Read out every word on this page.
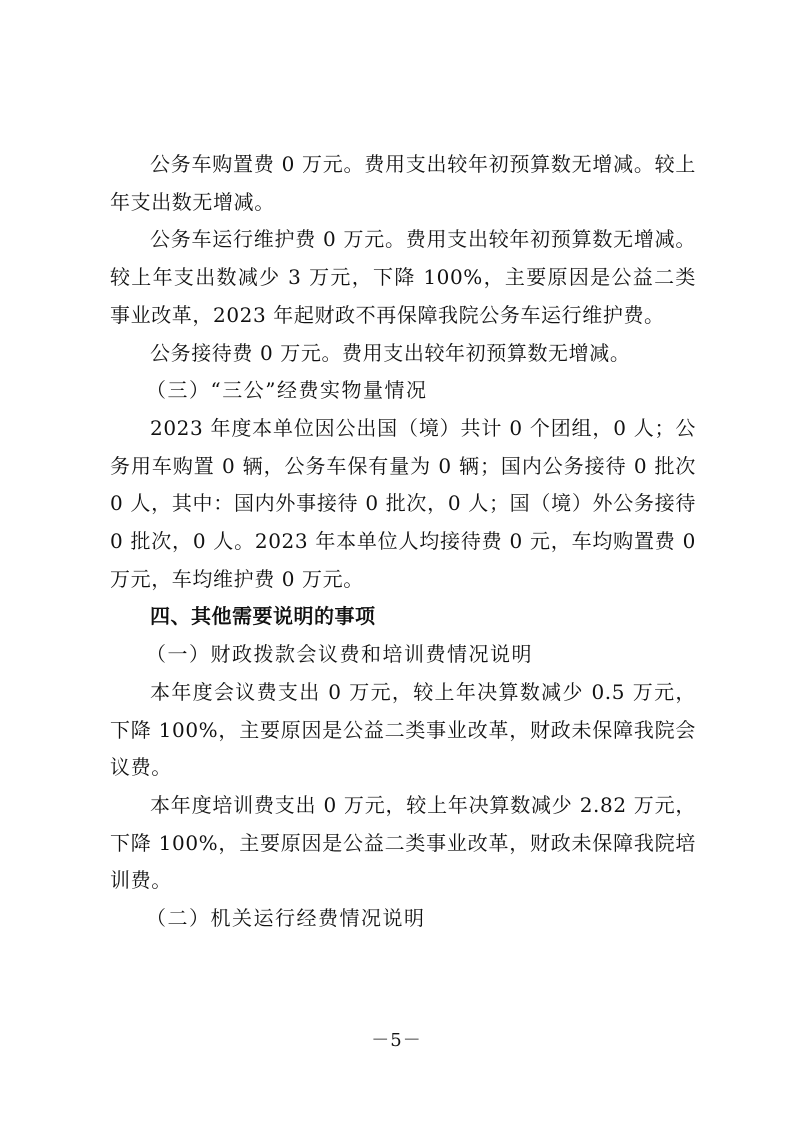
公务车购置费 0 万元。费用支出较年初预算数无增减。较上年支出数无增减。

公务车运行维护费 0 万元。费用支出较年初预算数无增减。较上年支出数减少 3 万元，下降 100%，主要原因是公益二类事业改革，2023 年起财政不再保障我院公务车运行维护费。

公务接待费 0 万元。费用支出较年初预算数无增减。

（三）“三公”经费实物量情况

2023 年度本单位因公出国（境）共计 0 个团组，0 人；公务用车购置 0 辆，公务车保有量为 0 辆；国内公务接待 0 批次 0 人，其中：国内外事接待 0 批次，0 人；国（境）外公务接待 0 批次，0 人。2023 年本单位人均接待费 0 元，车均购置费 0 万元，车均维护费 0 万元。

四、其他需要说明的事项

（一）财政拨款会议费和培训费情况说明

本年度会议费支出 0 万元，较上年决算数减少 0.5 万元，下降 100%，主要原因是公益二类事业改革，财政未保障我院会议费。

本年度培训费支出 0 万元，较上年决算数减少 2.82 万元，下降 100%，主要原因是公益二类事业改革，财政未保障我院培训费。

（二）机关运行经费情况说明

－5－
